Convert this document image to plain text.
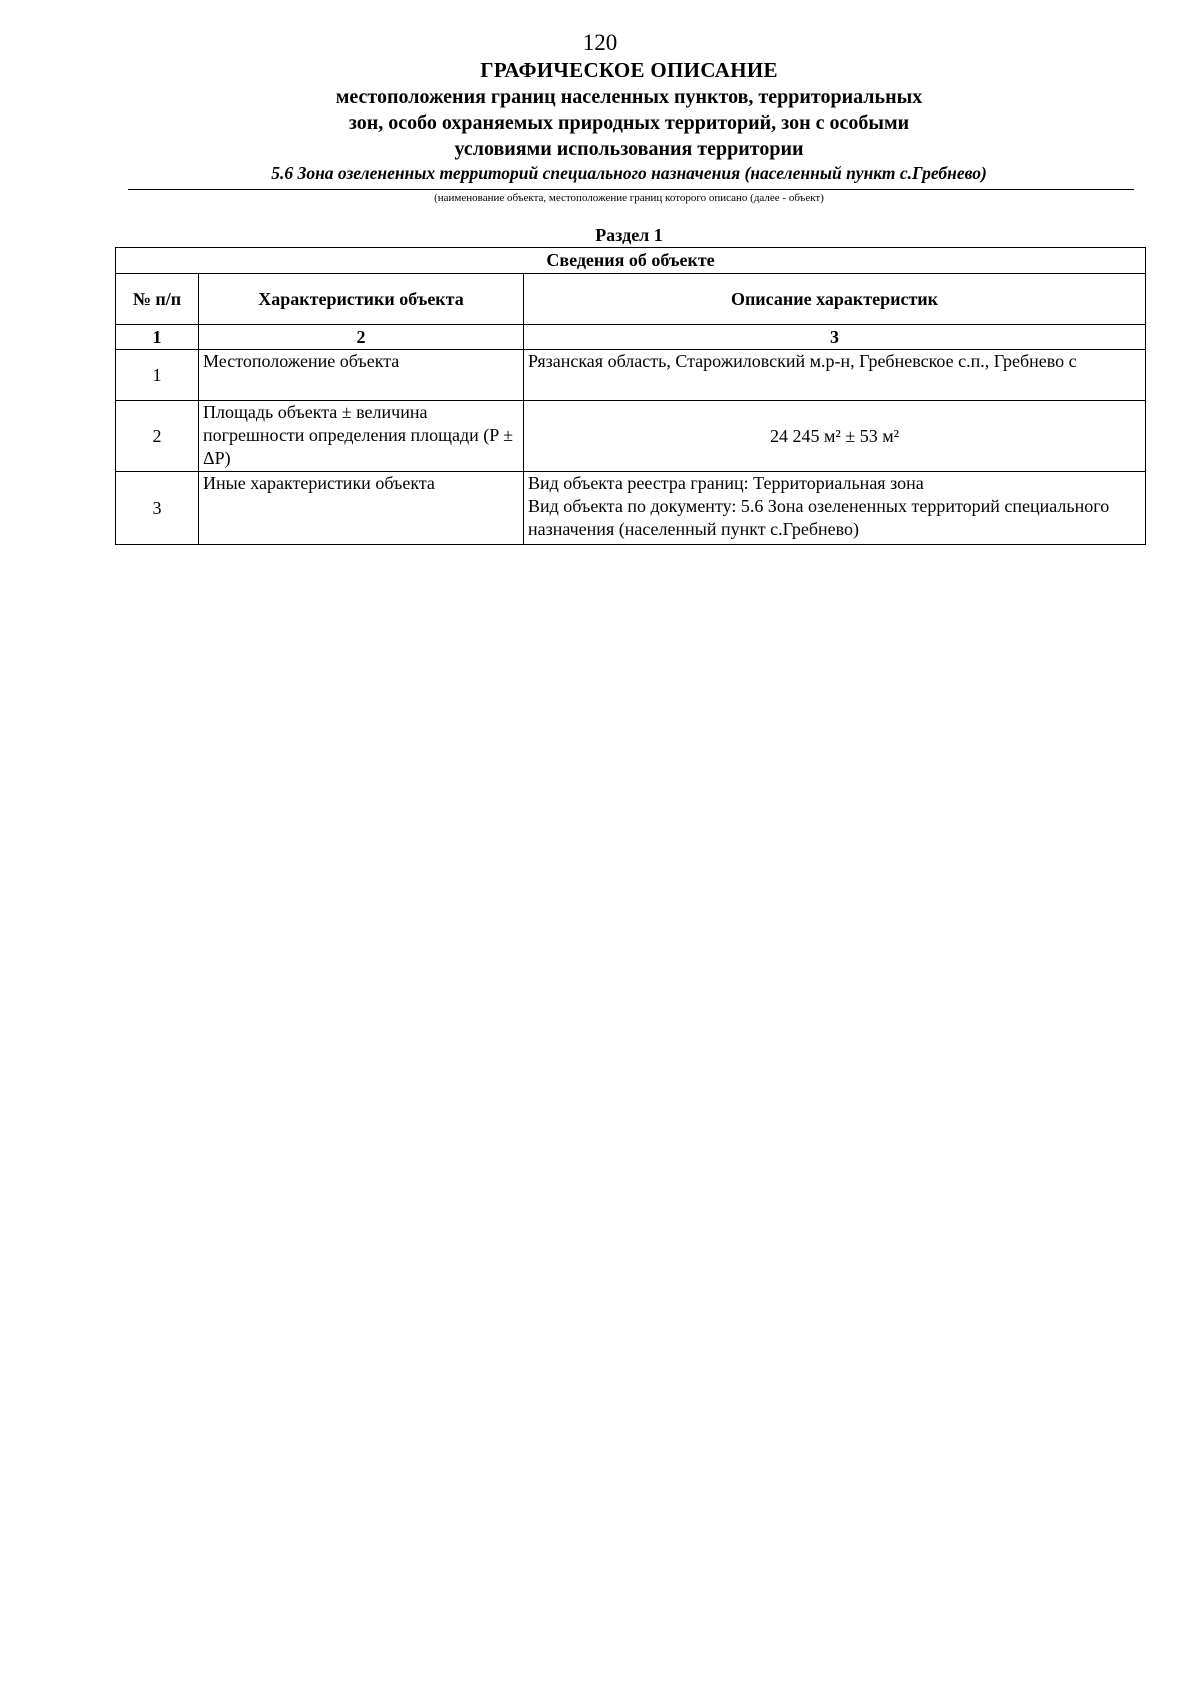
120
ГРАФИЧЕСКОЕ ОПИСАНИЕ
местоположения границ населенных пунктов, территориальных
зон, особо охраняемых природных территорий, зон с особыми
условиями использования территории
5.6 Зона озелененных территорий специального назначения (населенный пункт с.Гребнево)
(наименование объекта, местоположение границ которого описано (далее - объект)
Раздел 1
Сведения об объекте		
№ п/п	Характеристики объекта	Описание характеристик
1	2	3
1	Местоположение объекта	Рязанская область, Старожиловский м.р-н, Гребневское с.п., Гребнево с
2	Площадь объекта ± величина погрешности определения площади (P ± ΔP)	24 245 м² ± 53 м²
3	Иные характеристики объекта	Вид объекта реестра границ: Территориальная зона
Вид объекта по документу: 5.6 Зона озелененных территорий специального назначения (населенный пункт с.Гребнево)
